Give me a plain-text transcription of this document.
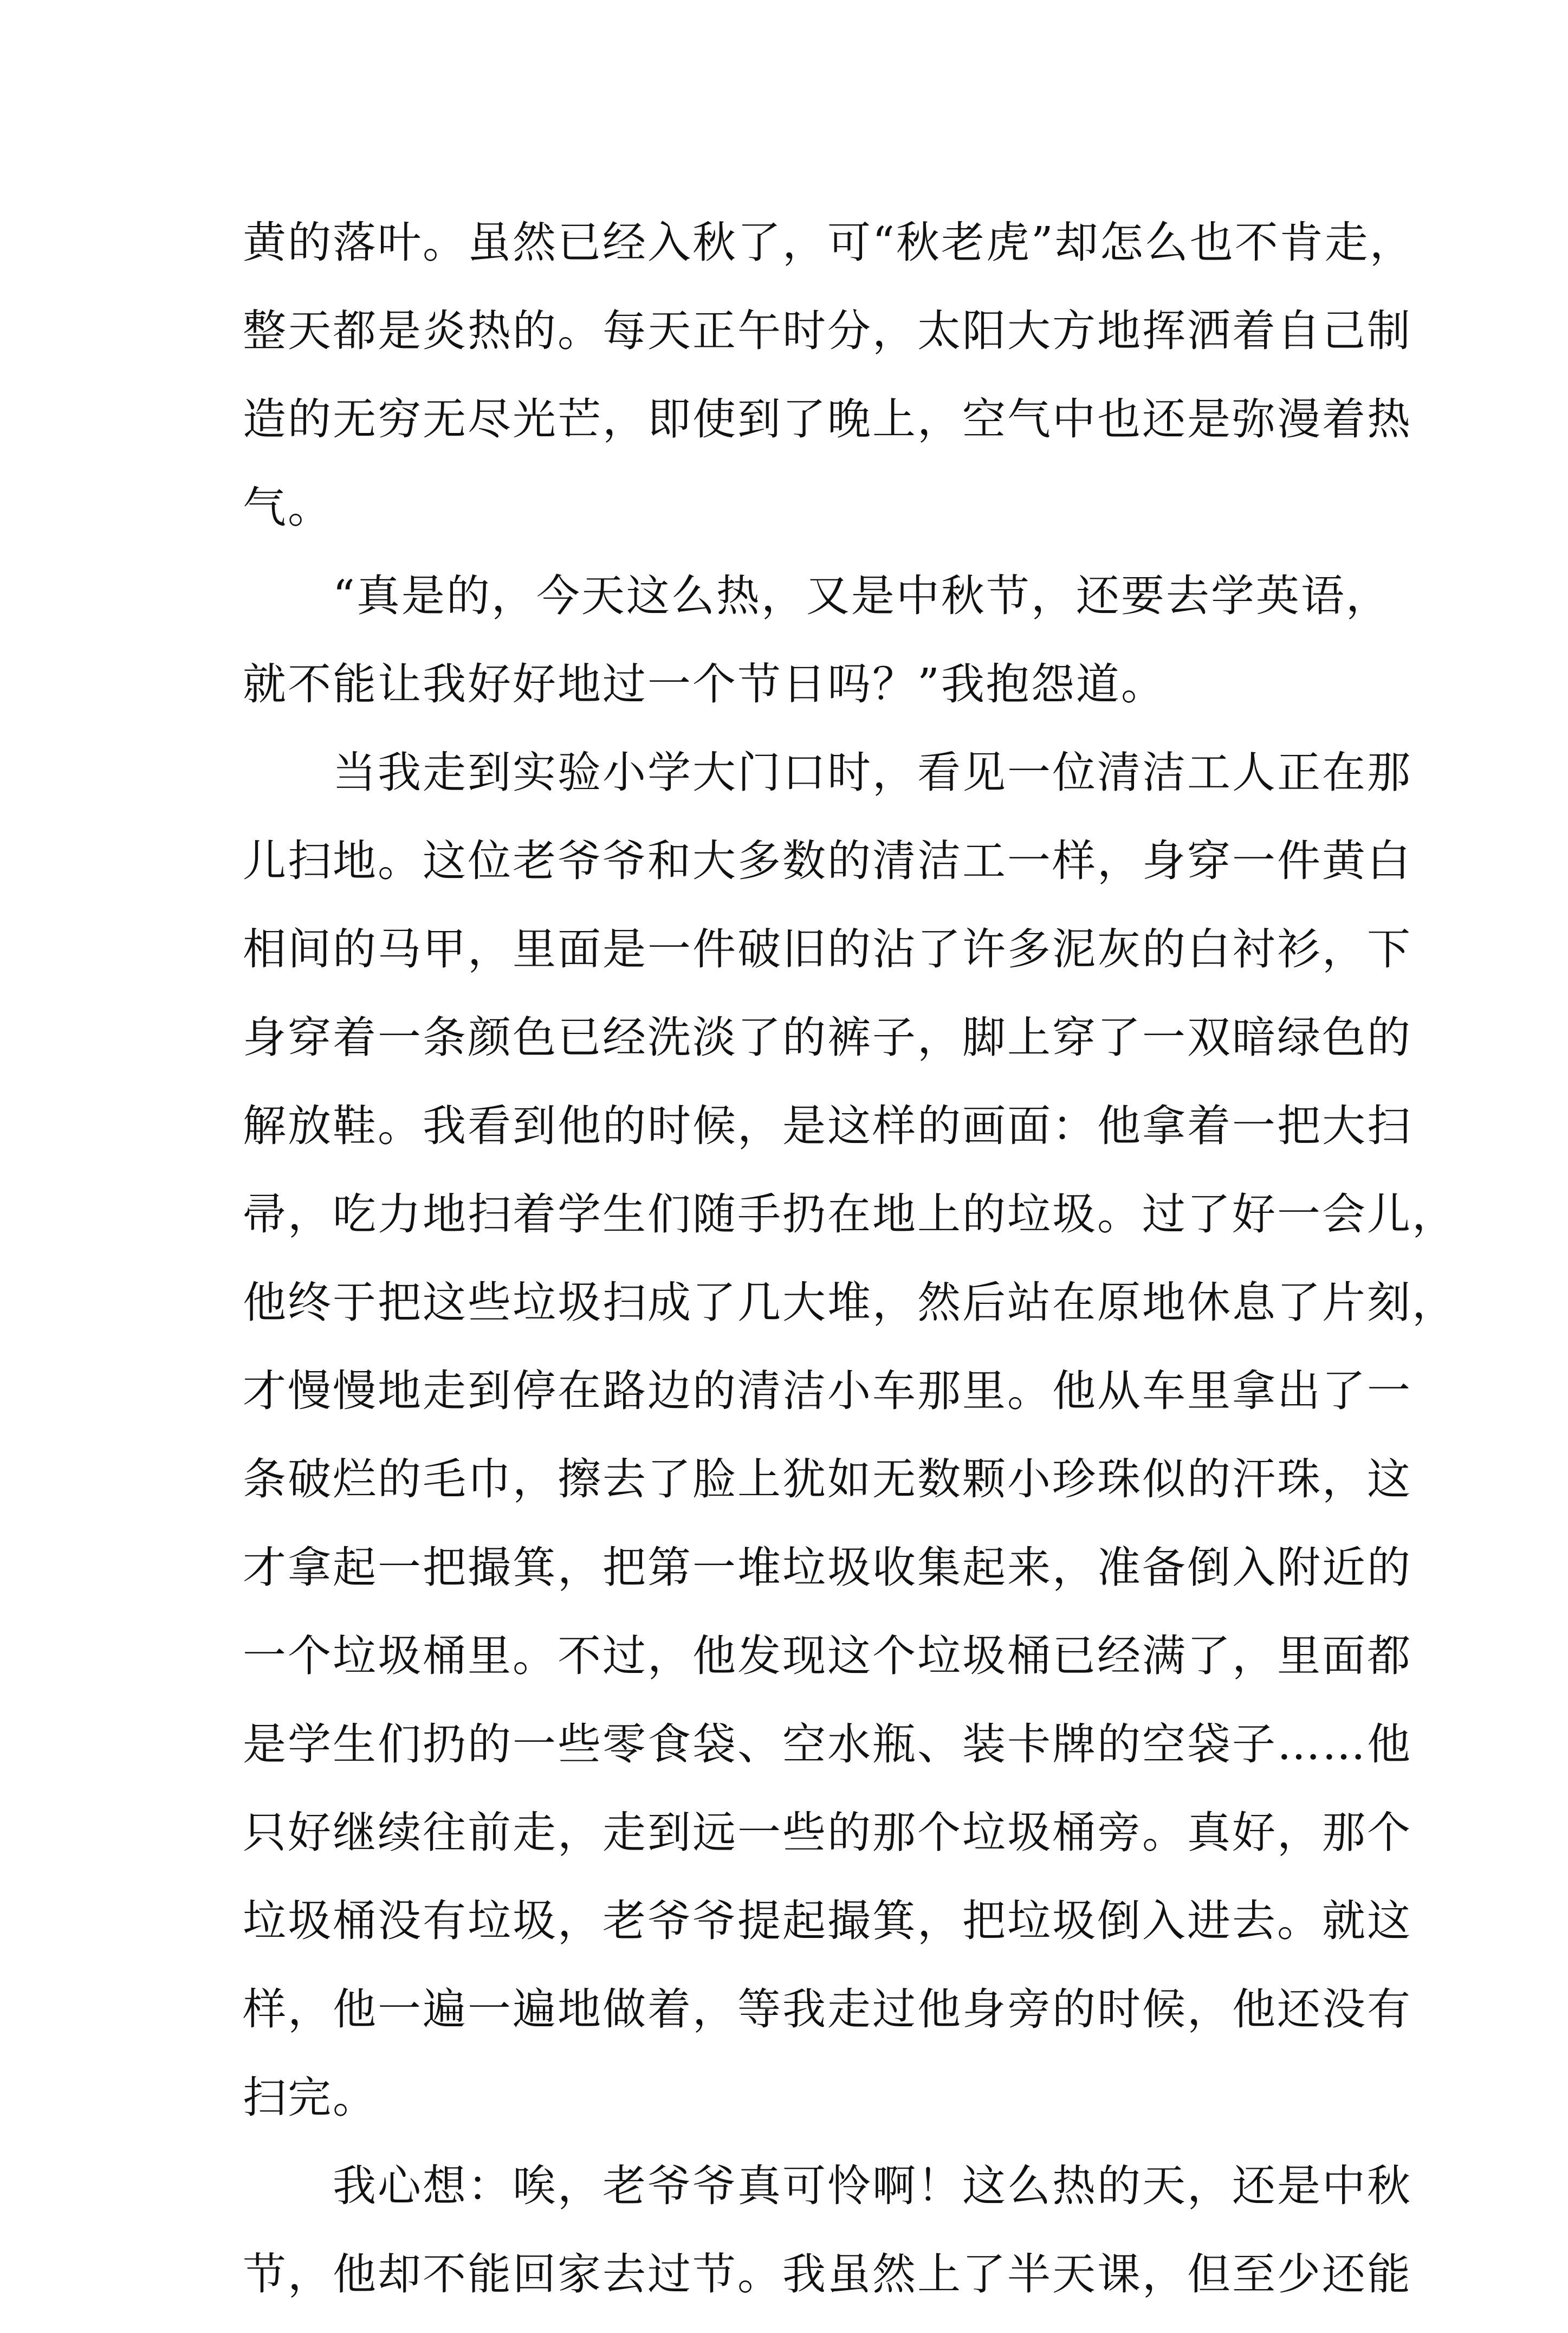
黄的落叶。虽然已经入秋了，可“秋老虎”却怎么也不肯走，
整天都是炎热的。每天正午时分，太阳大方地挥洒着自己制
造的无穷无尽光芒，即使到了晚上，空气中也还是弥漫着热
气。
　　“真是的，今天这么热，又是中秋节，还要去学英语，
就不能让我好好地过一个节日吗？”我抱怨道。
　　当我走到实验小学大门口时，看见一位清洁工人正在那
儿扫地。这位老爷爷和大多数的清洁工一样，身穿一件黄白
相间的马甲，里面是一件破旧的沾了许多泥灰的白衬衫，下
身穿着一条颜色已经洗淡了的裤子，脚上穿了一双暗绿色的
解放鞋。我看到他的时候，是这样的画面：他拿着一把大扫
帚，吃力地扫着学生们随手扔在地上的垃圾。过了好一会儿，
他终于把这些垃圾扫成了几大堆，然后站在原地休息了片刻，
才慢慢地走到停在路边的清洁小车那里。他从车里拿出了一
条破烂的毛巾，擦去了脸上犹如无数颗小珍珠似的汗珠，这
才拿起一把撮箕，把第一堆垃圾收集起来，准备倒入附近的
一个垃圾桶里。不过，他发现这个垃圾桶已经满了，里面都
是学生们扔的一些零食袋、空水瓶、装卡牌的空袋子……他
只好继续往前走，走到远一些的那个垃圾桶旁。真好，那个
垃圾桶没有垃圾，老爷爷提起撮箕，把垃圾倒入进去。就这
样，他一遍一遍地做着，等我走过他身旁的时候，他还没有
扫完。
　　我心想：唉，老爷爷真可怜啊！这么热的天，还是中秋
节，他却不能回家去过节。我虽然上了半天课，但至少还能
